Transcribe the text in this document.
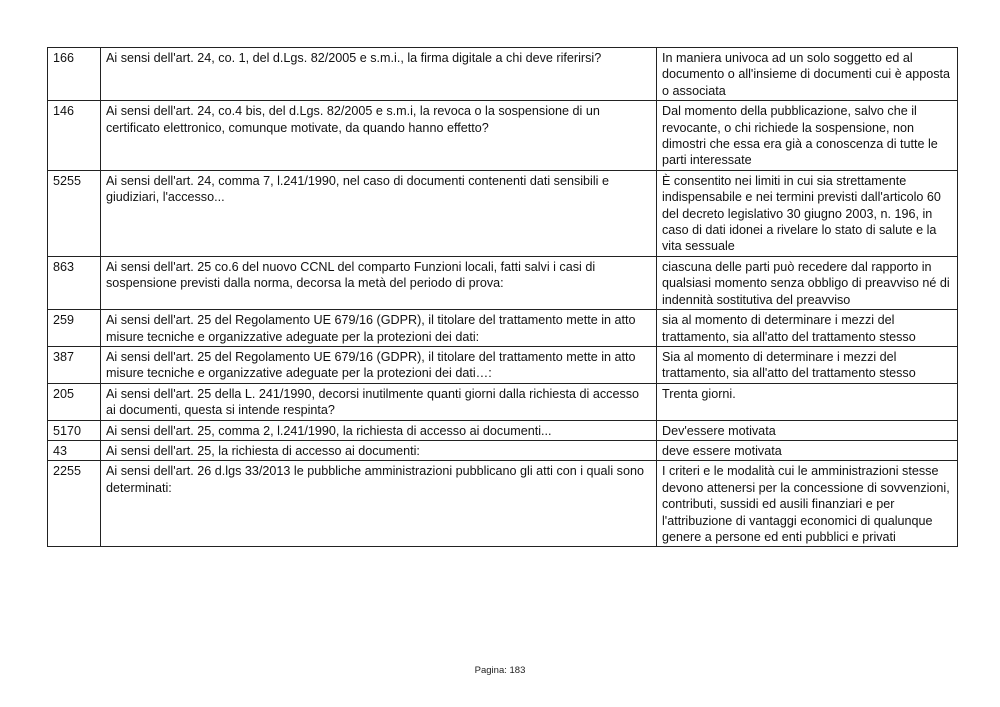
166	Ai sensi dell'art. 24, co. 1, del d.Lgs. 82/2005 e s.m.i., la firma digitale a chi deve riferirsi?	In maniera univoca ad un solo soggetto ed al documento o all'insieme di documenti cui è apposta o associata
146	Ai sensi dell'art. 24, co.4 bis, del d.Lgs. 82/2005 e s.m.i, la revoca o la sospensione di un certificato elettronico, comunque motivate, da quando hanno effetto?	Dal momento della pubblicazione, salvo che il revocante, o chi richiede la sospensione, non dimostri che essa era già a conoscenza di tutte le parti interessate
5255	Ai sensi dell'art. 24, comma 7, l.241/1990, nel caso di documenti contenenti dati sensibili e giudiziari, l'accesso...	È consentito nei limiti in cui sia strettamente indispensabile e nei termini previsti dall'articolo 60 del decreto legislativo 30 giugno 2003, n. 196, in caso di dati idonei a rivelare lo stato di salute e la vita sessuale
863	Ai sensi dell'art. 25 co.6 del nuovo CCNL del comparto Funzioni locali, fatti salvi i casi di sospensione previsti dalla norma, decorsa la metà del periodo di prova:	ciascuna delle parti può recedere dal rapporto in qualsiasi momento senza obbligo di preavviso né di indennità sostitutiva del preavviso
259	Ai sensi dell'art. 25 del Regolamento UE 679/16 (GDPR), il titolare del trattamento mette in atto misure tecniche e organizzative adeguate per la protezioni dei dati:	sia al momento di determinare i mezzi del trattamento, sia all'atto del trattamento stesso
387	Ai sensi dell'art. 25 del Regolamento UE 679/16 (GDPR), il titolare del trattamento mette in atto misure tecniche e organizzative adeguate per la protezioni dei dati…:	Sia al momento di determinare i mezzi del trattamento, sia all'atto del trattamento stesso
205	Ai sensi dell'art. 25 della L. 241/1990, decorsi inutilmente quanti giorni dalla richiesta di accesso ai documenti, questa si intende respinta?	Trenta giorni.
5170	Ai sensi dell'art. 25, comma 2, l.241/1990, la richiesta di accesso ai documenti...	Dev'essere motivata
43	Ai sensi dell'art. 25, la richiesta di accesso ai documenti:	deve essere motivata
2255	Ai sensi dell'art. 26 d.lgs 33/2013 le pubbliche amministrazioni pubblicano gli atti con i quali sono determinati:	I criteri e le modalità cui le amministrazioni stesse devono attenersi per la concessione di sovvenzioni, contributi, sussidi ed ausili finanziari e per l'attribuzione di vantaggi economici di qualunque genere a persone ed enti pubblici e privati
Pagina: 183
